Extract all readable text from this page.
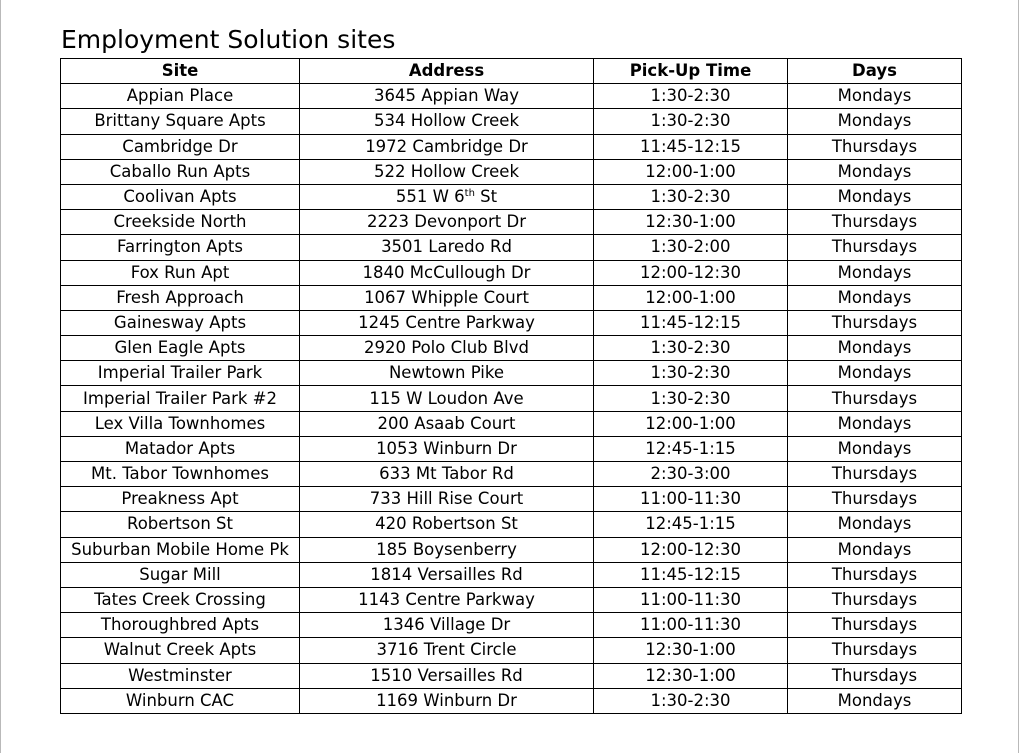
Employment Solution sites
Site	Address	Pick-Up Time	Days
Appian Place	3645 Appian Way	1:30-2:30	Mondays
Brittany Square Apts	534 Hollow Creek	1:30-2:30	Mondays
Cambridge Dr	1972 Cambridge Dr	11:45-12:15	Thursdays
Caballo Run Apts	522 Hollow Creek	12:00-1:00	Mondays
Coolivan Apts	551 W 6th St	1:30-2:30	Mondays
Creekside North	2223 Devonport Dr	12:30-1:00	Thursdays
Farrington Apts	3501 Laredo Rd	1:30-2:00	Thursdays
Fox Run Apt	1840 McCullough Dr	12:00-12:30	Mondays
Fresh Approach	1067 Whipple Court	12:00-1:00	Mondays
Gainesway Apts	1245 Centre Parkway	11:45-12:15	Thursdays
Glen Eagle Apts	2920 Polo Club Blvd	1:30-2:30	Mondays
Imperial Trailer Park	Newtown Pike	1:30-2:30	Mondays
Imperial Trailer Park #2	115 W Loudon Ave	1:30-2:30	Thursdays
Lex Villa Townhomes	200 Asaab Court	12:00-1:00	Mondays
Matador Apts	1053 Winburn Dr	12:45-1:15	Mondays
Mt. Tabor Townhomes	633 Mt Tabor Rd	2:30-3:00	Thursdays
Preakness Apt	733 Hill Rise Court	11:00-11:30	Thursdays
Robertson St	420 Robertson St	12:45-1:15	Mondays
Suburban Mobile Home Pk	185 Boysenberry	12:00-12:30	Mondays
Sugar Mill	1814 Versailles Rd	11:45-12:15	Thursdays
Tates Creek Crossing	1143 Centre Parkway	11:00-11:30	Thursdays
Thoroughbred Apts	1346 Village Dr	11:00-11:30	Thursdays
Walnut Creek Apts	3716 Trent Circle	12:30-1:00	Thursdays
Westminster	1510 Versailles Rd	12:30-1:00	Thursdays
Winburn CAC	1169 Winburn Dr	1:30-2:30	Mondays
